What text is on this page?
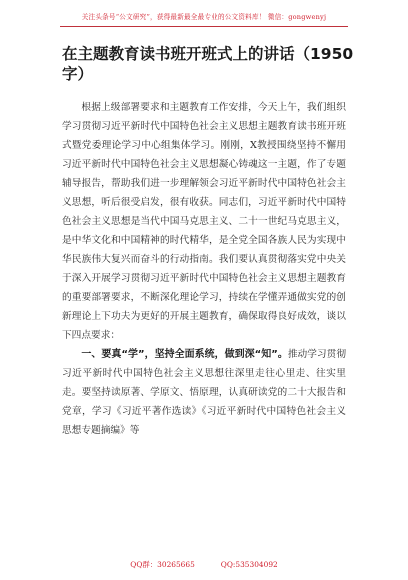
关注头条号“公文研究”，获得最新最全最专业的公文资料库！ 微信：gongwenyj
在主题教育读书班开班式上的讲话（1950字）

根据上级部署要求和主题教育工作安排，今天上午，我们组织学习贯彻习近平新时代中国特色社会主义思想主题教育读书班开班式暨党委理论学习中心组集体学习。刚刚，X教授围绕坚持不懈用习近平新时代中国特色社会主义思想凝心铸魂这一主题，作了专题辅导报告，帮助我们进一步理解领会习近平新时代中国特色社会主义思想，听后很受启发，很有收获。同志们，习近平新时代中国特色社会主义思想是当代中国马克思主义、二十一世纪马克思主义，是中华文化和中国精神的时代精华，是全党全国各族人民为实现中华民族伟大复兴而奋斗的行动指南。我们要认真贯彻落实党中央关于深入开展学习贯彻习近平新时代中国特色社会主义思想主题教育的重要部署要求，不断深化理论学习，持续在学懂弄通做实党的创新理论上下功夫为更好的开展主题教育，确保取得良好成效，谈以下四点要求：

一、要真“学”，坚持全面系统，做到深“知”。推动学习贯彻习近平新时代中国特色社会主义思想往深里走往心里走、往实里走。要坚持读原著、学原文、悟原理，认真研读党的二十大报告和党章，学习《习近平著作选读》《习近平新时代中国特色社会主义思想专题摘编》等

QQ群：30265665	QQ:535304092
